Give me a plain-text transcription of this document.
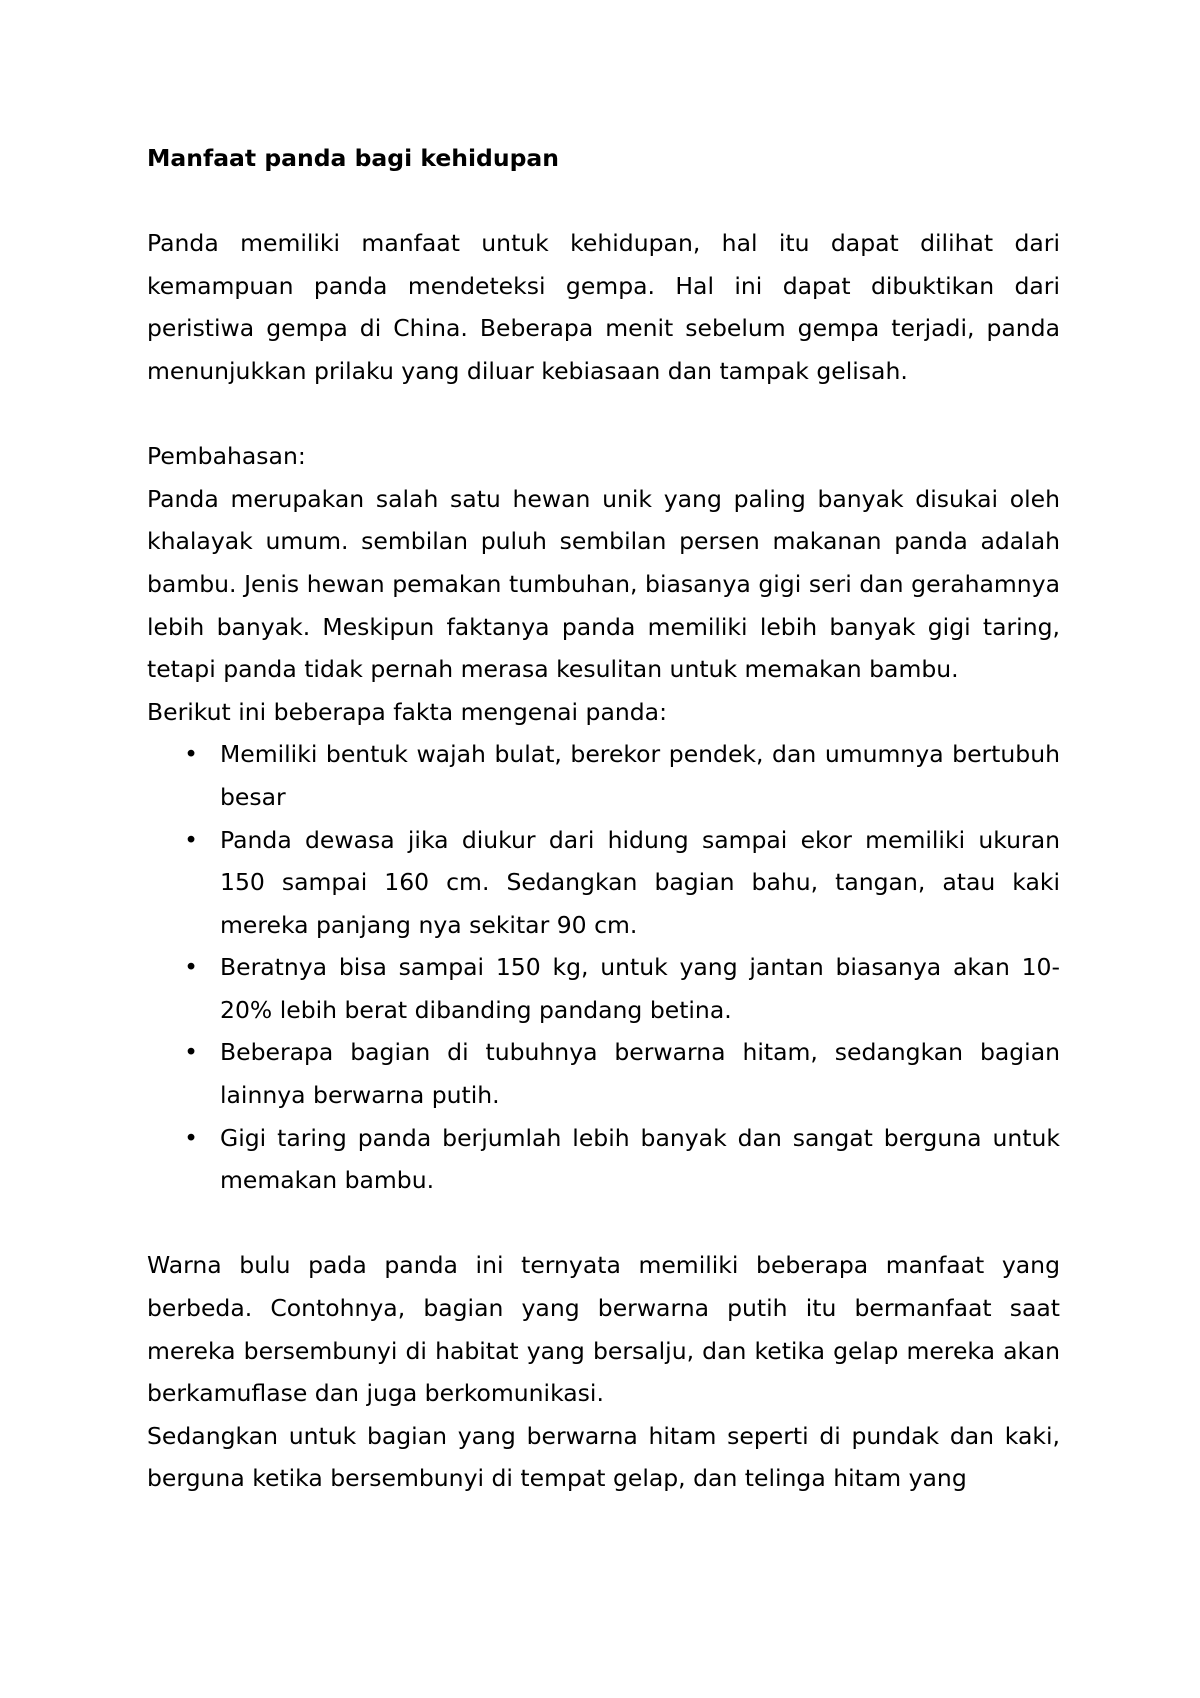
Manfaat panda bagi kehidupan

Panda memiliki manfaat untuk kehidupan, hal itu dapat dilihat dari kemampuan panda mendeteksi gempa. Hal ini dapat dibuktikan dari peristiwa gempa di China. Beberapa menit sebelum gempa terjadi, panda menunjukkan prilaku yang diluar kebiasaan dan tampak gelisah.

Pembahasan:

Panda merupakan salah satu hewan unik yang paling banyak disukai oleh khalayak umum. sembilan puluh sembilan persen makanan panda adalah bambu. Jenis hewan pemakan tumbuhan, biasanya gigi seri dan gerahamnya lebih banyak. Meskipun faktanya panda memiliki lebih banyak gigi taring, tetapi panda tidak pernah merasa kesulitan untuk memakan bambu.

Berikut ini beberapa fakta mengenai panda:

• Memiliki bentuk wajah bulat, berekor pendek, dan umumnya bertubuh besar
• Panda dewasa jika diukur dari hidung sampai ekor memiliki ukuran 150 sampai 160 cm. Sedangkan bagian bahu, tangan, atau kaki mereka panjang nya sekitar 90 cm.
• Beratnya bisa sampai 150 kg, untuk yang jantan biasanya akan 10-20% lebih berat dibanding pandang betina.
• Beberapa bagian di tubuhnya berwarna hitam, sedangkan bagian lainnya berwarna putih.
• Gigi taring panda berjumlah lebih banyak dan sangat berguna untuk memakan bambu.

Warna bulu pada panda ini ternyata memiliki beberapa manfaat yang berbeda. Contohnya, bagian yang berwarna putih itu bermanfaat saat mereka bersembunyi di habitat yang bersalju, dan ketika gelap mereka akan berkamuflase dan juga berkomunikasi.

Sedangkan untuk bagian yang berwarna hitam seperti di pundak dan kaki, berguna ketika bersembunyi di tempat gelap, dan telinga hitam yang
